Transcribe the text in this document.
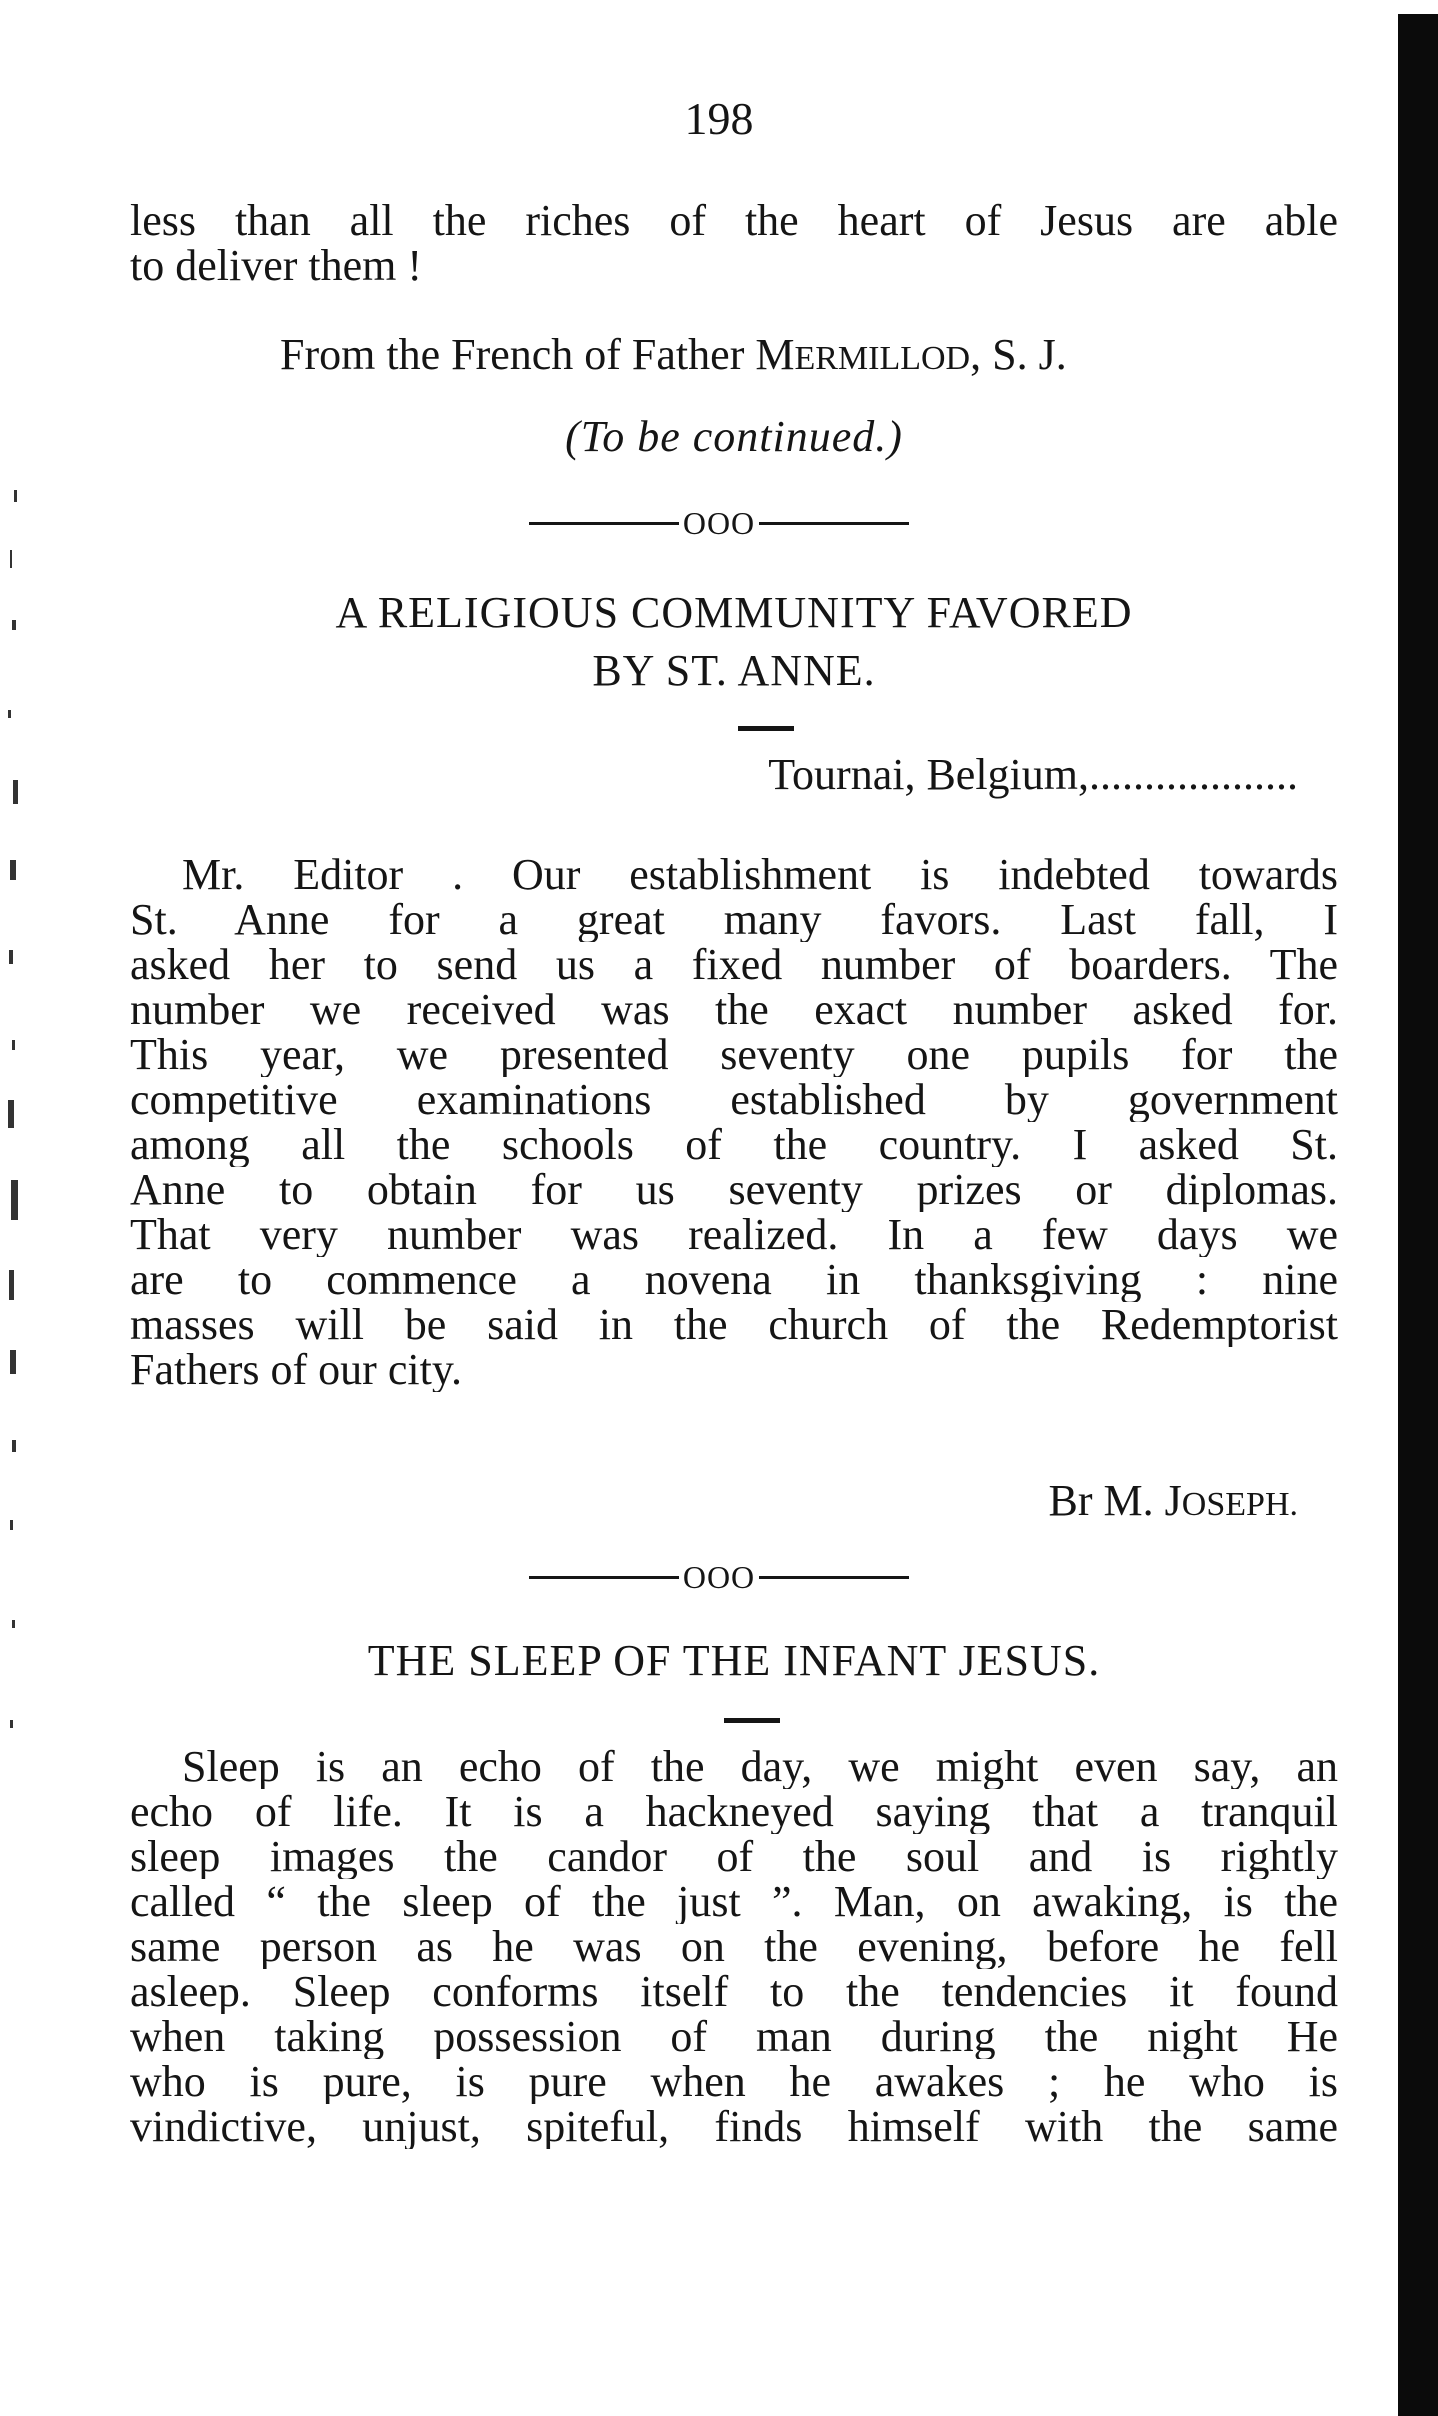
198
less than all the riches of the heart of Jesus are able
to deliver them !
From the French of Father MERMILLOD, S. J.
(To be continued.)
OOO
A RELIGIOUS COMMUNITY FAVORED
BY ST. ANNE.
Tournai, Belgium,...................
Mr. Editor . Our establishment is indebted towards
St. Anne for a great many favors. Last fall, I
asked her to send us a fixed number of boarders. The
number we received was the exact number asked for.
This year, we presented seventy one pupils for the
competitive examinations established by government
among all the schools of the country. I asked St.
Anne to obtain for us seventy prizes or diplomas.
That very number was realized. In a few days we
are to commence a novena in thanksgiving : nine
masses will be said in the church of the Redemptorist
Fathers of our city.
Br M. JOSEPH.
OOO
THE SLEEP OF THE INFANT JESUS.
Sleep is an echo of the day, we might even say, an
echo of life. It is a hackneyed saying that a tranquil
sleep images the candor of the soul and is rightly
called “ the sleep of the just ”. Man, on awaking, is the
same person as he was on the evening, before he fell
asleep. Sleep conforms itself to the tendencies it found
when taking possession of man during the night He
who is pure, is pure when he awakes ; he who is
vindictive, unjust, spiteful, finds himself with the same
